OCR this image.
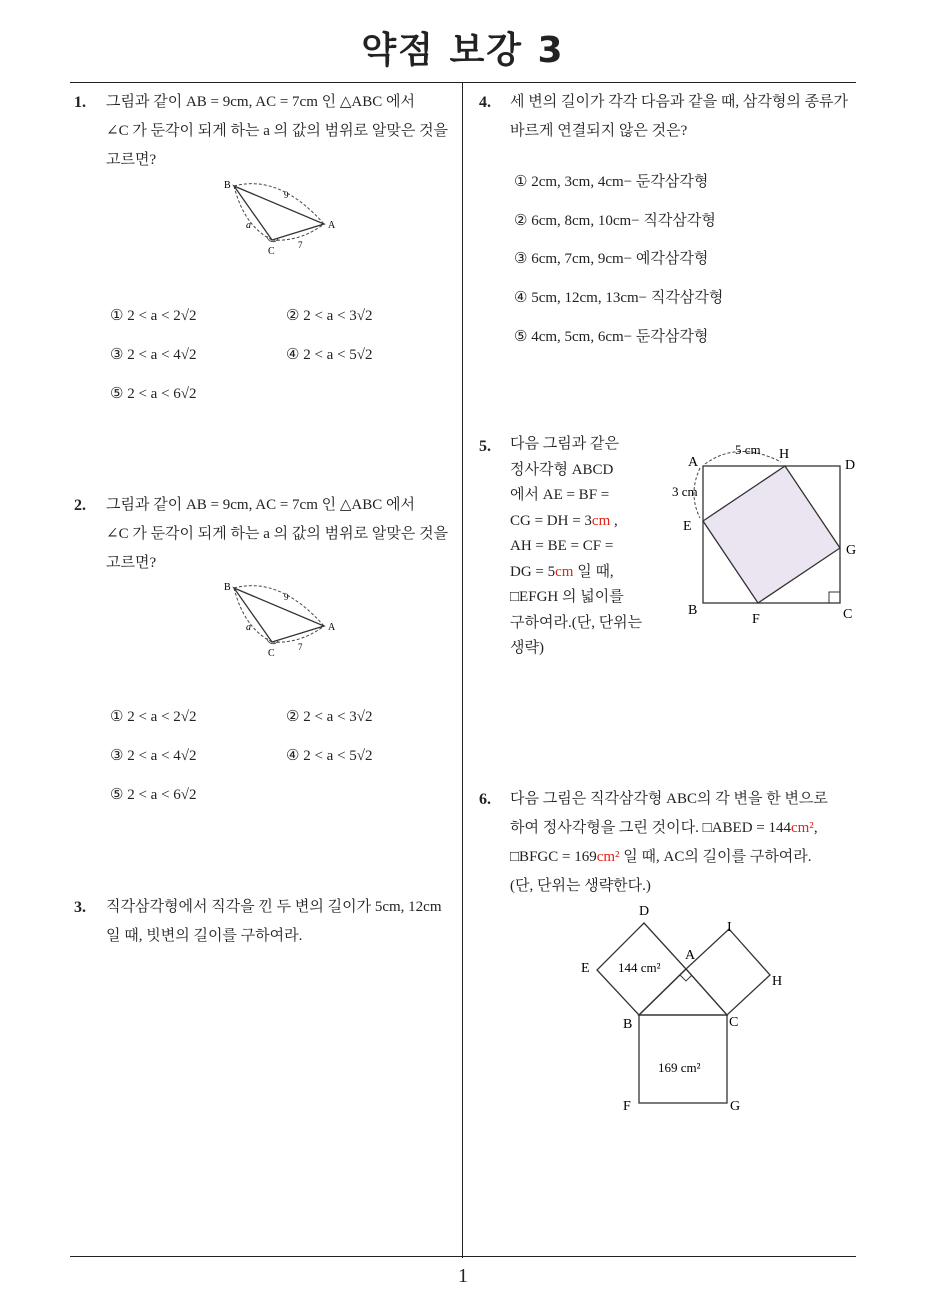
약점 보강 3
1
1. 그림과 같이 AB = 9cm, AC = 7cm 인 △ABC 에서
∠C 가 둔각이 되게 하는 a 의 값의 범위로 알맞은 것을
고르면?
B
A
C
9
7
a
① 2 < a < 2√2	② 2 < a < 3√2
③ 2 < a < 4√2	④ 2 < a < 5√2
⑤ 2 < a < 6√2
2. 그림과 같이 AB = 9cm, AC = 7cm 인 △ABC 에서
∠C 가 둔각이 되게 하는 a 의 값의 범위로 알맞은 것을
고르면?
B
A
C
9
7
a
① 2 < a < 2√2	② 2 < a < 3√2
③ 2 < a < 4√2	④ 2 < a < 5√2
⑤ 2 < a < 6√2
3. 직각삼각형에서 직각을 낀 두 변의 길이가 5cm, 12cm
일 때, 빗변의 길이를 구하여라.
4. 세 변의 길이가 각각 다음과 같을 때, 삼각형의 종류가
바르게 연결되지 않은 것은?
① 2cm, 3cm, 4cm− 둔각삼각형
② 6cm, 8cm, 10cm− 직각삼각형
③ 6cm, 7cm, 9cm− 예각삼각형
④ 5cm, 12cm, 13cm− 직각삼각형
⑤ 4cm, 5cm, 6cm− 둔각삼각형
5. 다음 그림과 같은
정사각형 ABCD
에서 AE = BF =
CG = DH = 3cm ,
AH = BE = CF =
DG = 5cm 일 때,
□EFGH 의 넓이를
구하여라.(단, 단위는
생략)
A
H
D
E
G
B
F	C
5 cm
3 cm
6. 다음 그림은 직각삼각형 ABC의 각 변을 한 변으로
하여 정사각형을 그린 것이다. □ABED = 144cm²,
□BFGC = 169cm² 일 때, AC의 길이를 구하여라.
(단, 단위는 생략한다.)
D
I
A
E
H
B	C
F	G
144 cm²
169 cm²
